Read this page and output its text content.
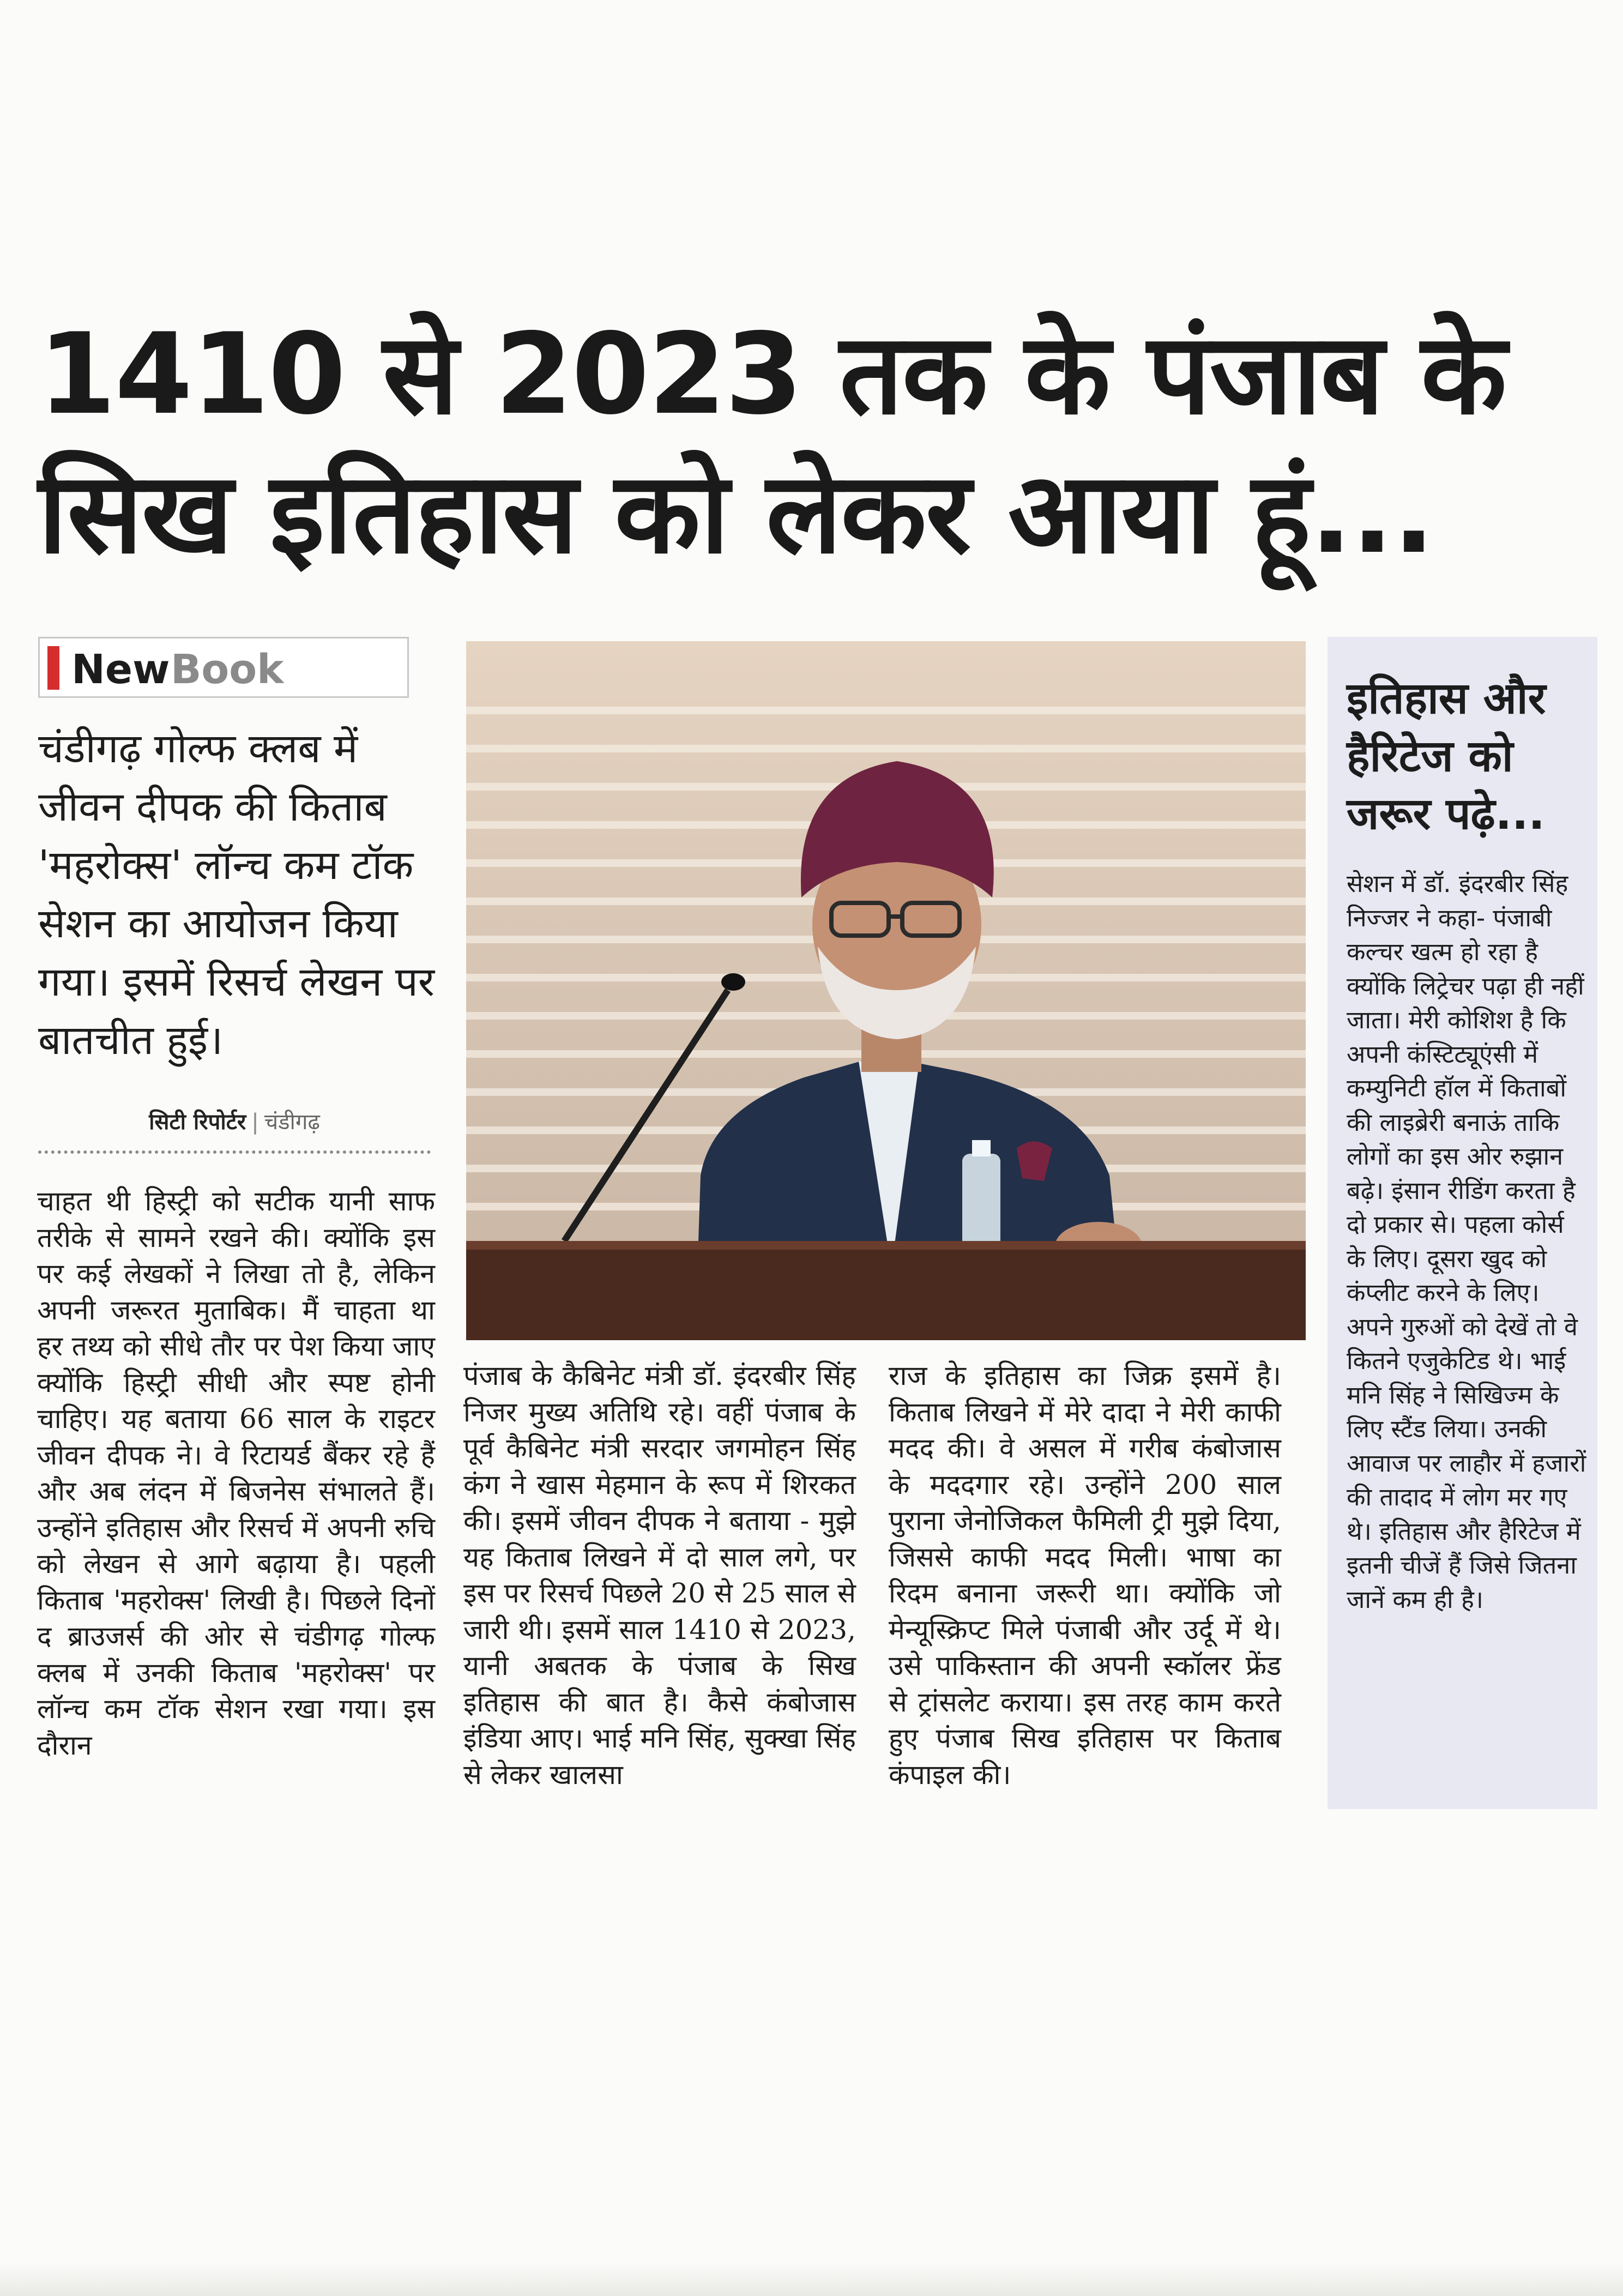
1410 से 2023 तक के पंजाब के
सिख इतिहास को लेकर आया हूं...
New Book
चंडीगढ़ गोल्फ क्लब में जीवन दीपक की किताब 'महरोक्स' लॉन्च कम टॉक सेशन का आयोजन किया गया। इसमें रिसर्च लेखन पर बातचीत हुई।
सिटी रिपोर्टर | चंडीगढ़
चाहत थी हिस्ट्री को सटीक यानी साफ तरीके से सामने रखने की। क्योंकि इस पर कई लेखकों ने लिखा तो है, लेकिन अपनी जरूरत मुताबिक। मैं चाहता था हर तथ्य को सीधे तौर पर पेश किया जाए क्योंकि हिस्ट्री सीधी और स्पष्ट होनी चाहिए। यह बताया 66 साल के राइटर जीवन दीपक ने। वे रिटायर्ड बैंकर रहे हैं और अब लंदन में बिजनेस संभालते हैं। उन्होंने इतिहास और रिसर्च में अपनी रुचि को लेखन से आगे बढ़ाया है। पहली किताब 'महरोक्स' लिखी है। पिछले दिनों द ब्राउजर्स की ओर से चंडीगढ़ गोल्फ क्लब में उनकी किताब 'महरोक्स' पर लॉन्च कम टॉक सेशन रखा गया। इस दौरान
पंजाब के कैबिनेट मंत्री डॉ. इंदरबीर सिंह निजर मुख्य अतिथि रहे। वहीं पंजाब के पूर्व कैबिनेट मंत्री सरदार जगमोहन सिंह कंग ने खास मेहमान के रूप में शिरकत की। इसमें जीवन दीपक ने बताया - मुझे यह किताब लिखने में दो साल लगे, पर इस पर रिसर्च पिछले 20 से 25 साल से जारी थी। इसमें साल 1410 से 2023, यानी अबतक के पंजाब के सिख इतिहास की बात है। कैसे कंबोजास इंडिया आए। भाई मनि सिंह, सुक्खा सिंह से लेकर खालसा
राज के इतिहास का जिक्र इसमें है। किताब लिखने में मेरे दादा ने मेरी काफी मदद की। वे असल में गरीब कंबोजास के मददगार रहे। उन्होंने 200 साल पुराना जेनोजिकल फैमिली ट्री मुझे दिया, जिससे काफी मदद मिली। भाषा का रिदम बनाना जरूरी था। क्योंकि जो मेन्यूस्क्रिप्ट मिले पंजाबी और उर्दू में थे। उसे पाकिस्तान की अपनी स्कॉलर फ्रेंड से ट्रांसलेट कराया। इस तरह काम करते हुए पंजाब सिख इतिहास पर किताब कंपाइल की।
इतिहास और हैरिटेज को जरूर पढ़े...
सेशन में डॉ. इंदरबीर सिंह निज्जर ने कहा- पंजाबी कल्चर खत्म हो रहा है क्योंकि लिट्रेचर पढ़ा ही नहीं जाता। मेरी कोशिश है कि अपनी कंस्टिट्यूएंसी में कम्युनिटी हॉल में किताबों की लाइब्रेरी बनाऊं ताकि लोगों का इस ओर रुझान बढ़े। इंसान रीडिंग करता है दो प्रकार से। पहला कोर्स के लिए। दूसरा खुद को कंप्लीट करने के लिए। अपने गुरुओं को देखें तो वे कितने एजुकेटिड थे। भाई मनि सिंह ने सिखिज्म के लिए स्टैंड लिया। उनकी आवाज पर लाहौर में हजारों की तादाद में लोग मर गए थे। इतिहास और हैरिटेज में इतनी चीजें हैं जिसे जितना जानें कम ही है।
